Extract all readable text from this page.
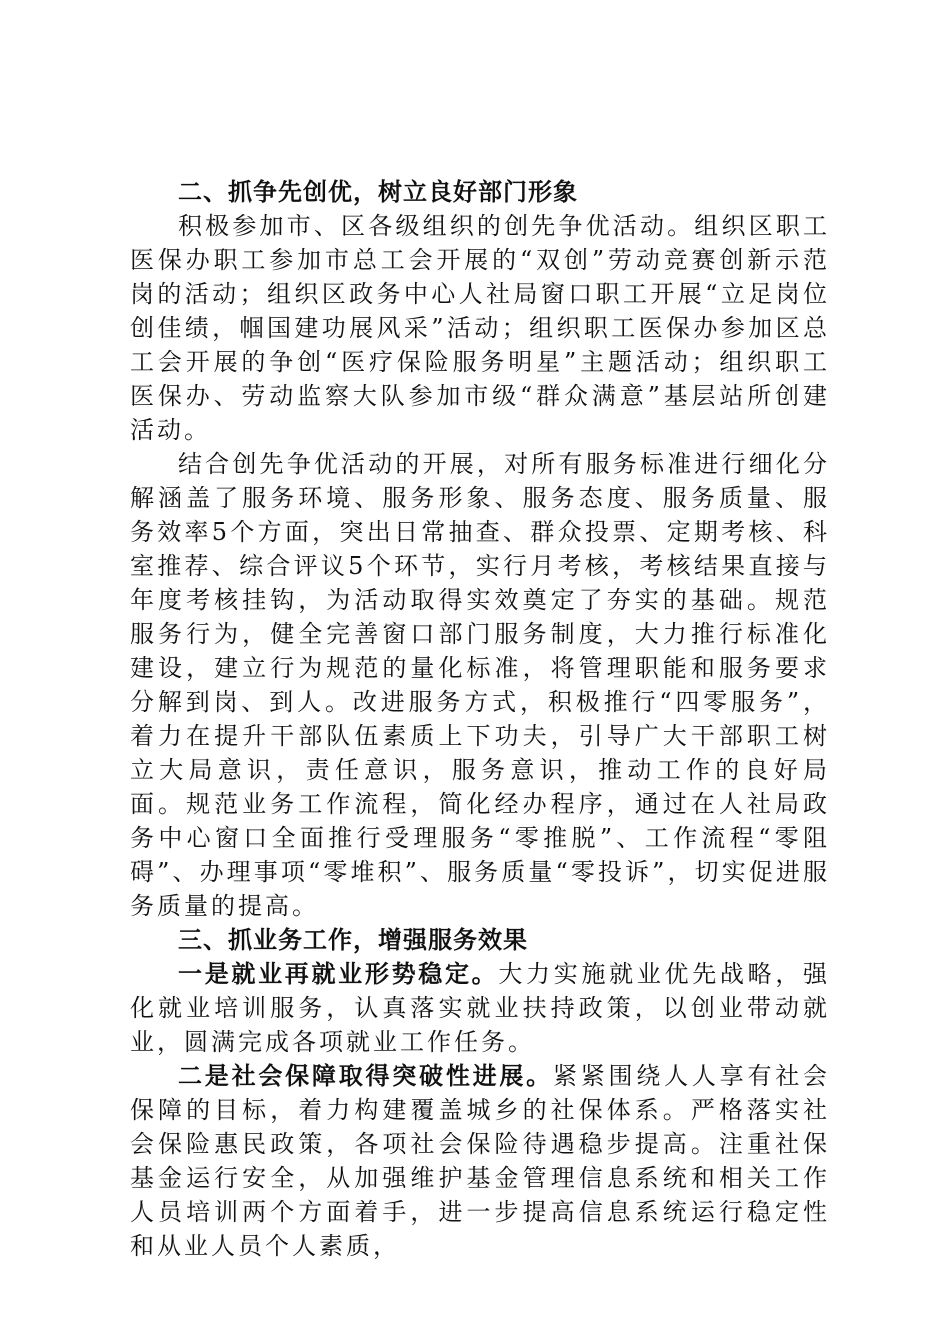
二、抓争先创优，树立良好部门形象

积极参加市、区各级组织的创先争优活动。组织区职工医保办职工参加市总工会开展的“双创”劳动竞赛创新示范岗的活动；组织区政务中心人社局窗口职工开展“立足岗位创佳绩，帼国建功展风采”活动；组织职工医保办参加区总工会开展的争创“医疗保险服务明星”主题活动；组织职工医保办、劳动监察大队参加市级“群众满意”基层站所创建活动。

结合创先争优活动的开展，对所有服务标准进行细化分解涵盖了服务环境、服务形象、服务态度、服务质量、服务效率5个方面，突出日常抽查、群众投票、定期考核、科室推荐、综合评议5个环节，实行月考核，考核结果直接与年度考核挂钩，为活动取得实效奠定了夯实的基础。规范服务行为，健全完善窗口部门服务制度，大力推行标准化建设，建立行为规范的量化标准，将管理职能和服务要求分解到岗、到人。改进服务方式，积极推行“四零服务”，着力在提升干部队伍素质上下功夫，引导广大干部职工树立大局意识，责任意识，服务意识，推动工作的良好局面。规范业务工作流程，简化经办程序，通过在人社局政务中心窗口全面推行受理服务“零推脱”、工作流程“零阻碍”、办理事项“零堆积”、服务质量“零投诉”，切实促进服务质量的提高。

三、抓业务工作，增强服务效果

一是就业再就业形势稳定。大力实施就业优先战略，强化就业培训服务，认真落实就业扶持政策，以创业带动就业，圆满完成各项就业工作任务。

二是社会保障取得突破性进展。紧紧围绕人人享有社会保障的目标，着力构建覆盖城乡的社保体系。严格落实社会保险惠民政策，各项社会保险待遇稳步提高。注重社保基金运行安全，从加强维护基金管理信息系统和相关工作人员培训两个方面着手，进一步提高信息系统运行稳定性和从业人员个人素质，
